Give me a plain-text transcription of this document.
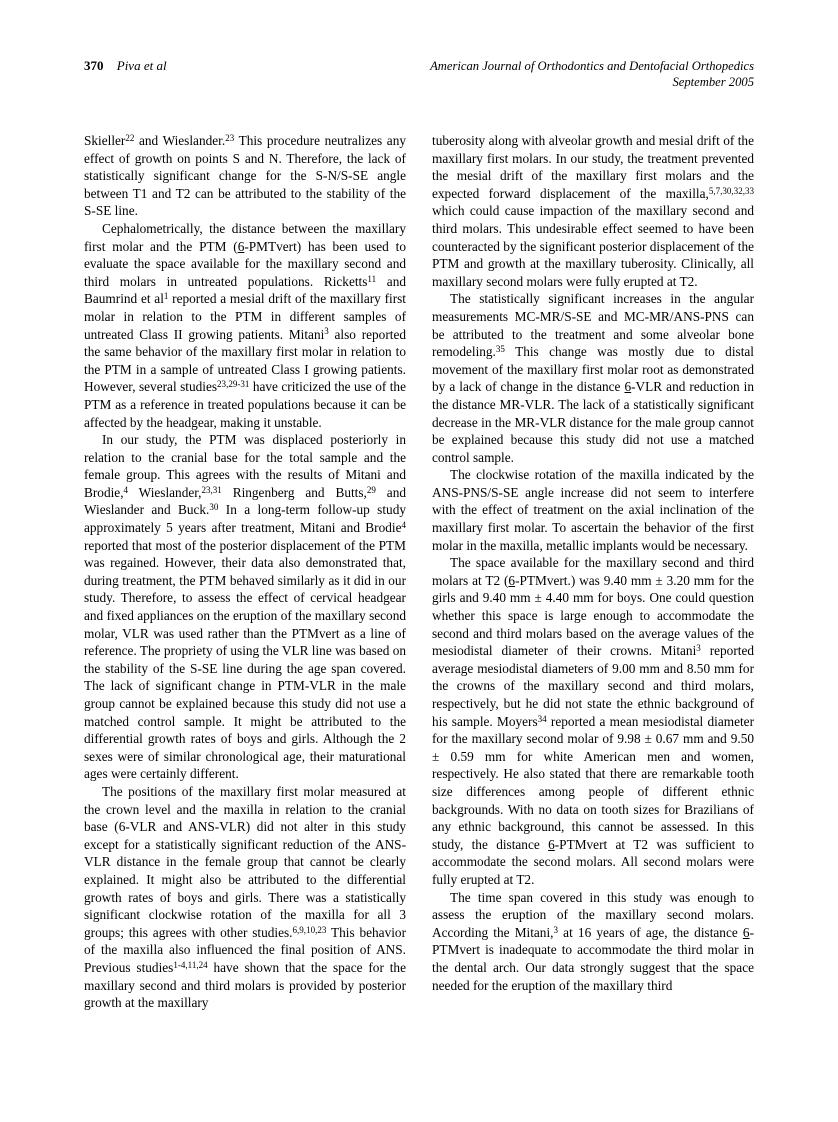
370 Piva et al	American Journal of Orthodontics and Dentofacial Orthopedics
September 2005

Skieller$^{22}$ and Wieslander.$^{23}$ This procedure neutralizes any effect of growth on points S and N. Therefore, the lack of statistically significant change for the S-N/S-SE angle between T1 and T2 can be attributed to the stability of the S-SE line.

Cephalometrically, the distance between the maxillary first molar and the PTM (6-PMTvert) has been used to evaluate the space available for the maxillary second and third molars in untreated populations. Ricketts$^{11}$ and Baumrind et $al^1$ reported a mesial drift of the maxillary first molar in relation to the PTM in different samples of untreated Class II growing patients. Mitani$^3$ also reported the same behavior of the maxillary first molar in relation to the PTM in a sample of untreated Class I growing patients. However, several studies$^{23,29-31}$ have criticized the use of the PTM as a reference in treated populations because it can be affected by the headgear, making it unstable.

In our study, the PTM was displaced posteriorly in relation to the cranial base for the total sample and the female group. This agrees with the results of Mitani and Brodie,$^4$ Wieslander,$^{23,31}$ Ringenberg and Butts,$^{29}$ and Wieslander and Buck.$^{30}$ In a long-term follow-up study approximately 5 years after treatment, Mitani and Brodie$^4$ reported that most of the posterior displacement of the PTM was regained. However, their data also demonstrated that, during treatment, the PTM behaved similarly as it did in our study. Therefore, to assess the effect of cervical headgear and fixed appliances on the eruption of the maxillary second molar, VLR was used rather than the PTMvert as a line of reference. The propriety of using the VLR line was based on the stability of the S-SE line during the age span covered. The lack of significant change in PTM-VLR in the male group cannot be explained because this study did not use a matched control sample. It might be attributed to the differential growth rates of boys and girls. Although the 2 sexes were of similar chronological age, their maturational ages were certainly different.

The positions of the maxillary first molar measured at the crown level and the maxilla in relation to the cranial base (6-VLR and ANS-VLR) did not alter in this study except for a statistically significant reduction of the ANS-VLR distance in the female group that cannot be clearly explained. It might also be attributed to the differential growth rates of boys and girls. There was a statistically significant clockwise rotation of the maxilla for all 3 groups; this agrees with other studies.$^{6,9,10,23}$ This behavior of the maxilla also influenced the final position of ANS. Previous studies$^{1-4,11,24}$ have shown that the space for the maxillary second and third molars is provided by posterior growth at the maxillary

tuberosity along with alveolar growth and mesial drift of the maxillary first molars. In our study, the treatment prevented the mesial drift of the maxillary first molars and the expected forward displacement of the maxilla,$^{5,7,30,32,33}$ which could cause impaction of the maxillary second and third molars. This undesirable effect seemed to have been counteracted by the significant posterior displacement of the PTM and growth at the maxillary tuberosity. Clinically, all maxillary second molars were fully erupted at T2.

The statistically significant increases in the angular measurements MC-MR/S-SE and MC-MR/ANS-PNS can be attributed to the treatment and some alveolar bone remodeling.$^{35}$ This change was mostly due to distal movement of the maxillary first molar root as demonstrated by a lack of change in the distance 6-VLR and reduction in the distance MR-VLR. The lack of a statistically significant decrease in the MR-VLR distance for the male group cannot be explained because this study did not use a matched control sample.

The clockwise rotation of the maxilla indicated by the ANS-PNS/S-SE angle increase did not seem to interfere with the effect of treatment on the axial inclination of the maxillary first molar. To ascertain the behavior of the first molar in the maxilla, metallic implants would be necessary.

The space available for the maxillary second and third molars at T2 (6-PTMvert.) was 9.40 mm ± 3.20 mm for the girls and 9.40 mm ± 4.40 mm for boys. One could question whether this space is large enough to accommodate the second and third molars based on the average values of the mesiodistal diameter of their crowns. Mitani$^3$ reported average mesiodistal diameters of 9.00 mm and 8.50 mm for the crowns of the maxillary second and third molars, respectively, but he did not state the ethnic background of his sample. Moyers$^{34}$ reported a mean mesiodistal diameter for the maxillary second molar of 9.98 ± 0.67 mm and 9.50 ± 0.59 mm for white American men and women, respectively. He also stated that there are remarkable tooth size differences among people of different ethnic backgrounds. With no data on tooth sizes for Brazilians of any ethnic background, this cannot be assessed. In this study, the distance 6-PTMvert at T2 was sufficient to accommodate the second molars. All second molars were fully erupted at T2.

The time span covered in this study was enough to assess the eruption of the maxillary second molars. According the Mitani,$^3$ at 16 years of age, the distance 6-PTMvert is inadequate to accommodate the third molar in the dental arch. Our data strongly suggest that the space needed for the eruption of the maxillary third
